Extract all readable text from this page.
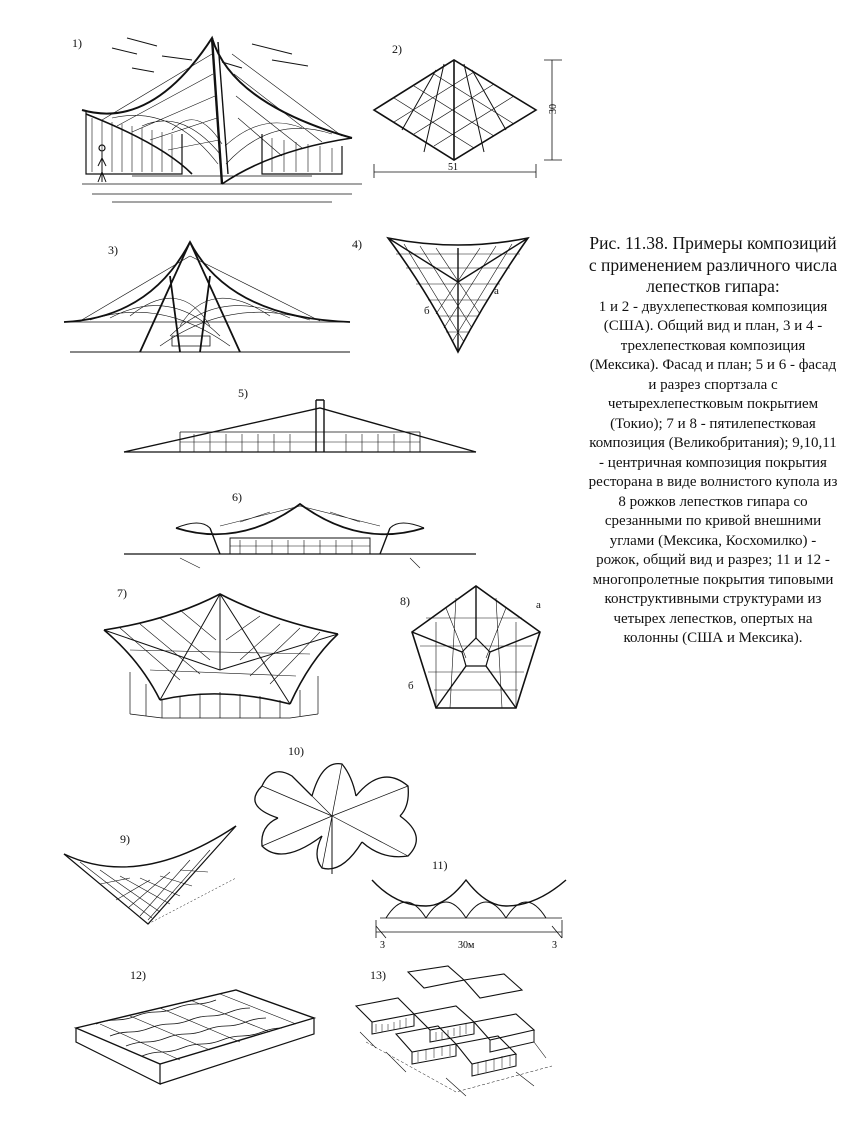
1)	2)
30
51
3)	4)
а
б
5)
6)
7)
8)	а
б
10)
9)
11)
3	30м	3
12)	13)

Рис. 11.38. Примеры композиций с применением различного числа лепестков гипара:

1 и 2 - двухлепестковая композиция (США). Общий вид и план, 3 и 4 - трехлепестковая композиция (Мексика). Фасад и план; 5 и 6 - фасад и разрез спортзала с четырехлепестковым покрытием (Токио); 7 и 8 - пятилепестковая композиция (Великобритания); 9,10,11 - центричная композиция покрытия ресторана в виде волнистого купола из 8 рожков лепестков гипара со срезанными по кривой внешними углами (Мексика, Косхомилко) - рожок, общий вид и разрез; 11 и 12 - многопролетные покрытия типовыми конструктивными структурами из четырех лепестков, опертых на колонны (США и Мексика).
